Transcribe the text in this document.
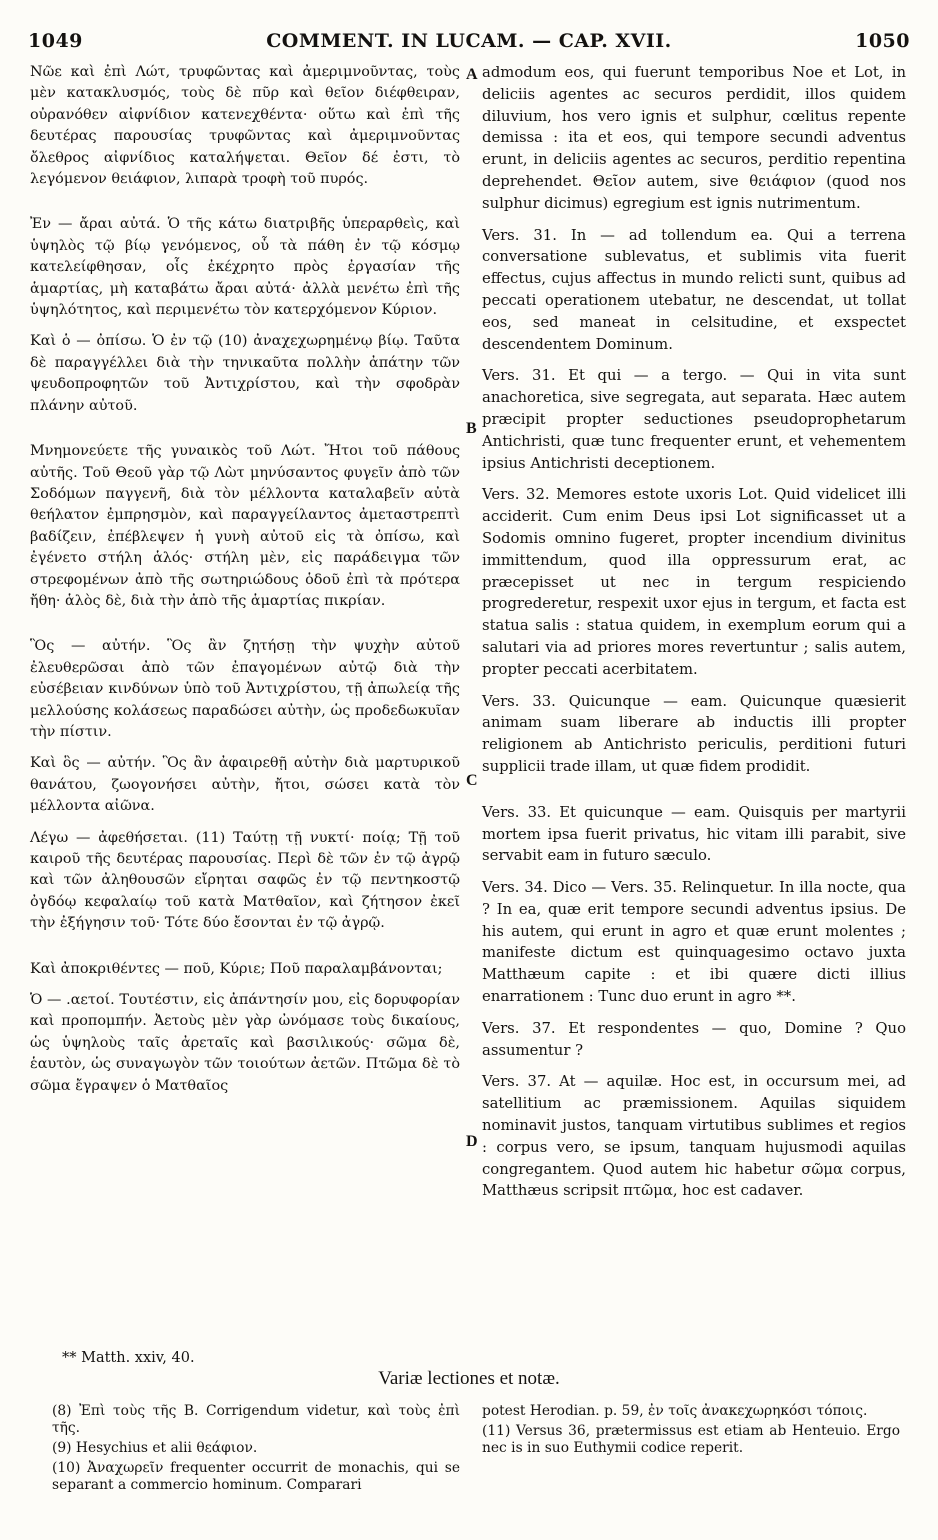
1049	COMMENT. IN LUCAM. — CAP. XVII.	1050

Νῶε καὶ ἐπὶ Λώτ, τρυφῶντας καὶ ἀμεριμνοῦντας, τοὺς μὲν κατακλυσμός, τοὺς δὲ πῦρ καὶ θεῖον διέφθειραν, οὐρανόθεν αἰφνίδιον κατενεχθέντα· οὕτω καὶ ἐπὶ τῆς δευτέρας παρουσίας τρυφῶντας καὶ ἀμεριμνοῦντας ὄλεθρος αἰφνίδιος καταλήψεται. Θεῖον δέ ἐστι, τὸ λεγόμενον θειάφιον, λιπαρὰ τροφὴ τοῦ πυρός.

Ἐν — ἄραι αὐτά. Ὁ τῆς κάτω διατριβῆς ὑπεραρθεὶς, καὶ ὑψηλὸς τῷ βίῳ γενόμενος, οὗ τὰ πάθη ἐν τῷ κόσμῳ κατελείφθησαν, οἷς ἐκέχρητο πρὸς ἐργασίαν τῆς ἁμαρτίας, μὴ καταβάτω ἄραι αὐτά· ἀλλὰ μενέτω ἐπὶ τῆς ὑψηλότητος, καὶ περιμενέτω τὸν κατερχόμενον Κύριον.

Καὶ ὁ — ὀπίσω. Ὁ ἐν τῷ (10) ἀναχεχωρημένῳ βίῳ. Ταῦτα δὲ παραγγέλλει διὰ τὴν τηνικαῦτα πολλὴν ἀπάτην τῶν ψευδοπροφητῶν τοῦ Ἀντιχρίστου, καὶ τὴν σφοδρὰν πλάνην αὐτοῦ.

Μνημονεύετε τῆς γυναικὸς τοῦ Λώτ. Ἤτοι τοῦ πάθους αὐτῆς. Τοῦ Θεοῦ γὰρ τῷ Λὼτ μηνύσαντος φυγεῖν ἀπὸ τῶν Σοδόμων παγγενῆ, διὰ τὸν μέλλοντα καταλαβεῖν αὐτὰ θεήλατον ἐμπρησμὸν, καὶ παραγγείλαντος ἀμεταστρεπτὶ βαδίζειν, ἐπέβλεψεν ἡ γυνὴ αὐτοῦ εἰς τὰ ὀπίσω, καὶ ἐγένετο στήλη ἁλός· στήλη μὲν, εἰς παράδειγμα τῶν στρεφομένων ἀπὸ τῆς σωτηριώδους ὁδοῦ ἐπὶ τὰ πρότερα ἤθη· ἁλὸς δὲ, διὰ τὴν ἀπὸ τῆς ἁμαρτίας πικρίαν.

Ὃς — αὐτήν. Ὃς ἂν ζητήσῃ τὴν ψυχὴν αὐτοῦ ἐλευθερῶσαι ἀπὸ τῶν ἐπαγομένων αὐτῷ διὰ τὴν εὐσέβειαν κινδύνων ὑπὸ τοῦ Ἀντιχρίστου, τῇ ἀπωλείᾳ τῆς μελλούσης κολάσεως παραδώσει αὐτὴν, ὡς προδεδωκυῖαν τὴν πίστιν.

Καὶ ὃς — αὐτήν. Ὃς ἂν ἀφαιρεθῇ αὐτὴν διὰ μαρτυρικοῦ θανάτου, ζωογονήσει αὐτὴν, ἤτοι, σώσει κατὰ τὸν μέλλοντα αἰῶνα.

Λέγω — ἀφεθήσεται. (11) Ταύτῃ τῇ νυκτί· ποίᾳ; Τῇ τοῦ καιροῦ τῆς δευτέρας παρουσίας. Περὶ δὲ τῶν ἐν τῷ ἀγρῷ καὶ τῶν ἀληθουσῶν εἴρηται σαφῶς ἐν τῷ πεντηκοστῷ ὀγδόῳ κεφαλαίῳ τοῦ κατὰ Ματθαῖον, καὶ ζήτησον ἐκεῖ τὴν ἐξήγησιν τοῦ· Τότε δύο ἔσονται ἐν τῷ ἀγρῷ.

Καὶ ἀποκριθέντες — ποῦ, Κύριε; Ποῦ παραλαμβάνονται;

Ὁ — .αετοί. Τουτέστιν, εἰς ἀπάντησίν μου, εἰς δορυφορίαν καὶ προπομπήν. Ἀετοὺς μὲν γὰρ ὠνόμασε τοὺς δικαίους, ὡς ὑψηλοὺς ταῖς ἀρεταῖς καὶ βασιλικούς· σῶμα δὲ, ἑαυτὸν, ὡς συναγωγὸν τῶν τοιούτων ἀετῶν. Πτῶμα δὲ τὸ σῶμα ἔγραψεν ὁ Ματθαῖος

A
B
C
D

admodum eos, qui fuerunt temporibus Noe et Lot, in deliciis agentes ac securos perdidit, illos quidem diluvium, hos vero ignis et sulphur, cœlitus repente demissa : ita et eos, qui tempore secundi adventus erunt, in deliciis agentes ac securos, perditio repentina deprehendet. Θεῖον autem, sive θειάφιον (quod nos sulphur dicimus) egregium est ignis nutrimentum.

Vers. 31. In — ad tollendum ea. Qui a terrena conversatione sublevatus, et sublimis vita fuerit effectus, cujus affectus in mundo relicti sunt, quibus ad peccati operationem utebatur, ne descendat, ut tollat eos, sed maneat in celsitudine, et exspectet descendentem Dominum.

Vers. 31. Et qui — a tergo. — Qui in vita sunt anachoretica, sive segregata, aut separata. Hæc autem præcipit propter seductiones pseudoprophetarum Antichristi, quæ tunc frequenter erunt, et vehementem ipsius Antichristi deceptionem.

Vers. 32. Memores estote uxoris Lot. Quid videlicet illi acciderit. Cum enim Deus ipsi Lot significasset ut a Sodomis omnino fugeret, propter incendium divinitus immittendum, quod illa oppressurum erat, ac præcepisset ut nec in tergum respiciendo progrederetur, respexit uxor ejus in tergum, et facta est statua salis : statua quidem, in exemplum eorum qui a salutari via ad priores mores revertuntur ; salis autem, propter peccati acerbitatem.

Vers. 33. Quicunque — eam. Quicunque quæsierit animam suam liberare ab inductis illi propter religionem ab Antichristo periculis, perditioni futuri supplicii trade illam, ut quæ fidem prodidit.

Vers. 33. Et quicunque — eam. Quisquis per martyrii mortem ipsa fuerit privatus, hic vitam illi parabit, sive servabit eam in futuro sæculo.

Vers. 34. Dico — Vers. 35. Relinquetur. In illa nocte, qua ? In ea, quæ erit tempore secundi adventus ipsius. De his autem, qui erunt in agro et quæ erunt molentes ; manifeste dictum est quinquagesimo octavo juxta Matthæum capite : et ibi quære dicti illius enarrationem : Tunc duo erunt in agro **.

Vers. 37. Et respondentes — quo, Domine ? Quo assumentur ?

Vers. 37. At — aquilæ. Hoc est, in occursum mei, ad satellitium ac præmissionem. Aquilas siquidem nominavit justos, tanquam virtutibus sublimes et regios : corpus vero, se ipsum, tanquam hujusmodi aquilas congregantem. Quod autem hic habetur σῶμα corpus, Matthæus scripsit πτῶμα, hoc est cadaver.

** Matth. xxiv, 40.
Variæ lectiones et notæ.

(8) Ἐπὶ τοὺς τῆς B. Corrigendum videtur, καὶ τοὺς ἐπὶ τῆς.

(9) Hesychius et alii θεάφιον.

(10) Ἀναχωρεῖν frequenter occurrit de monachis, qui se separant a commercio hominum. Comparari

potest Herodian. p. 59, ἐν τοῖς ἀνακεχωρηκόσι τόποις.

(11) Versus 36, prætermissus est etiam ab Henteuio. Ergo nec is in suo Euthymii codice reperit.
